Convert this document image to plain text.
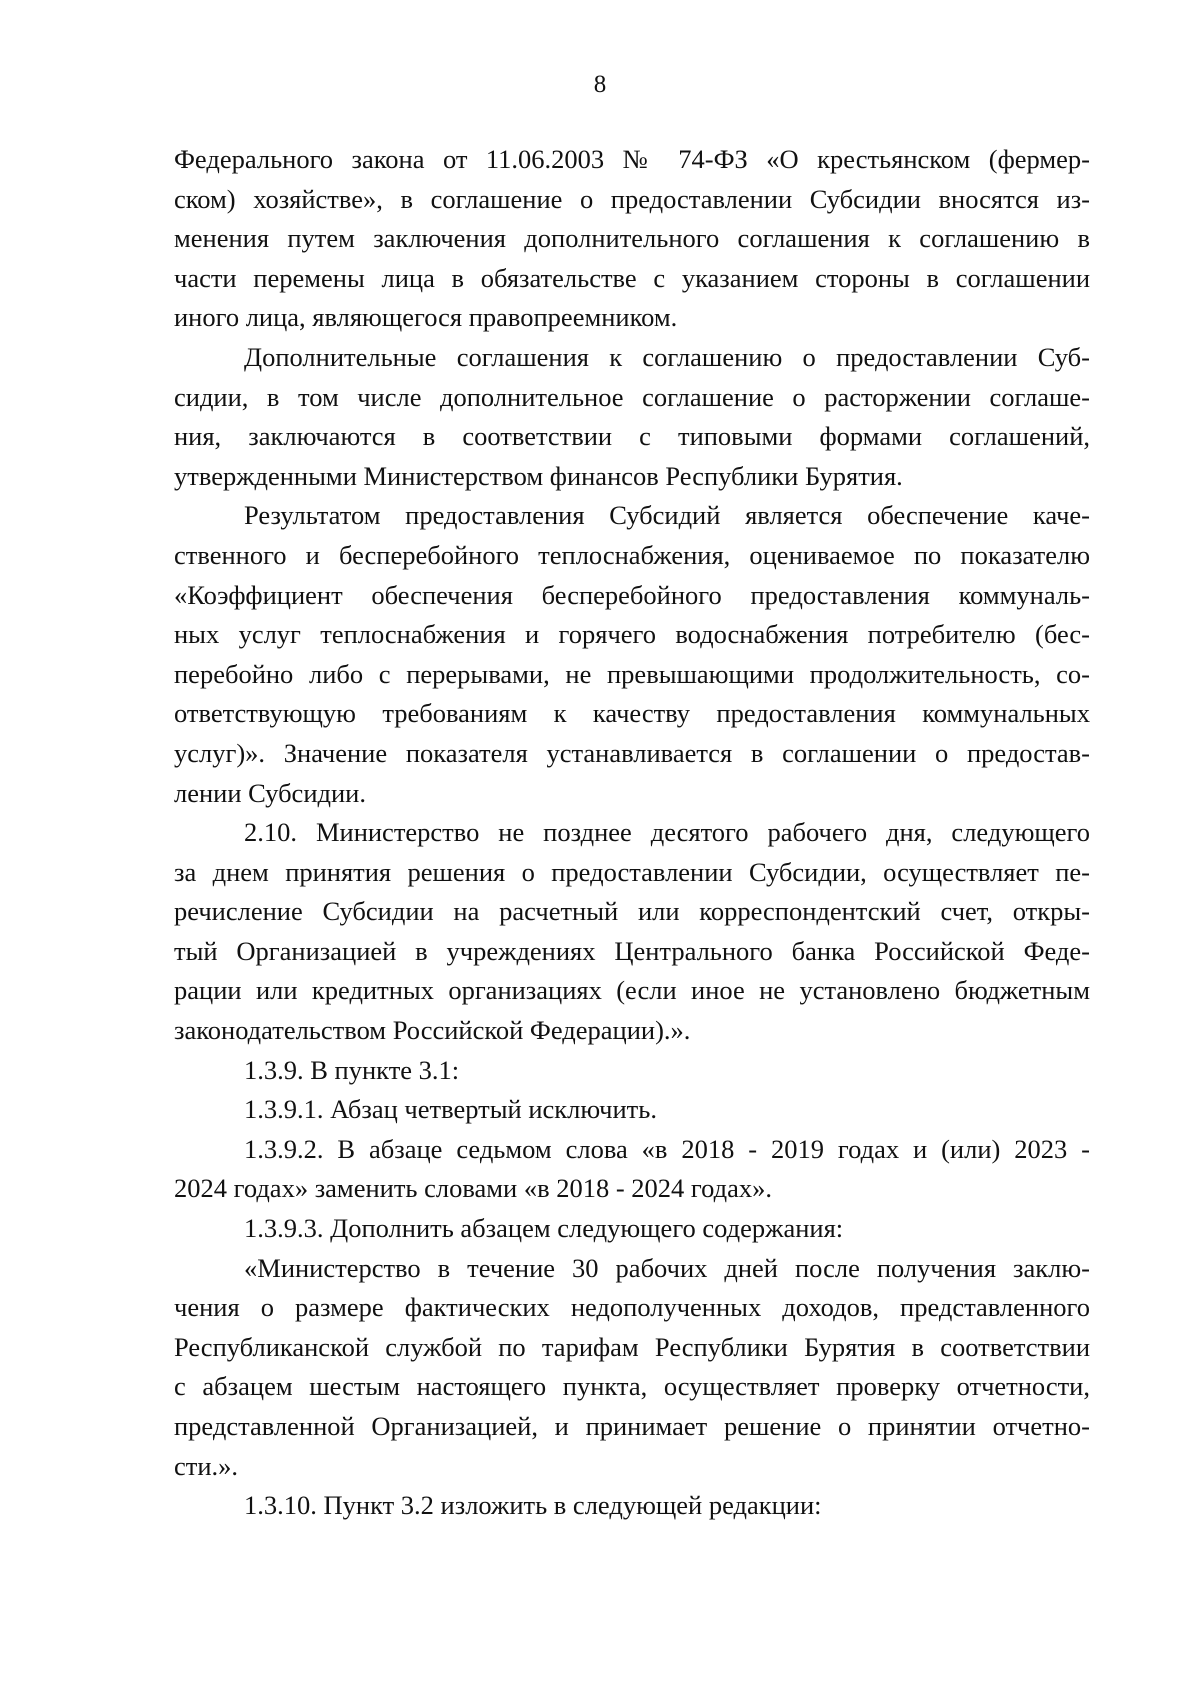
8
Федерального закона от 11.06.2003 № 74-ФЗ «О крестьянском (фермер-
ском) хозяйстве», в соглашение о предоставлении Субсидии вносятся из-
менения путем заключения дополнительного соглашения к соглашению в
части перемены лица в обязательстве с указанием стороны в соглашении
иного лица, являющегося правопреемником.
Дополнительные соглашения к соглашению о предоставлении Суб-
сидии, в том числе дополнительное соглашение о расторжении соглаше-
ния, заключаются в соответствии с типовыми формами соглашений,
утвержденными Министерством финансов Республики Бурятия.
Результатом предоставления Субсидий является обеспечение каче-
ственного и бесперебойного теплоснабжения, оцениваемое по показателю
«Коэффициент обеспечения бесперебойного предоставления коммуналь-
ных услуг теплоснабжения и горячего водоснабжения потребителю (бес-
перебойно либо с перерывами, не превышающими продолжительность, со-
ответствующую требованиям к качеству предоставления коммунальных
услуг)». Значение показателя устанавливается в соглашении о предостав-
лении Субсидии.
2.10. Министерство не позднее десятого рабочего дня, следующего
за днем принятия решения о предоставлении Субсидии, осуществляет пе-
речисление Субсидии на расчетный или корреспондентский счет, откры-
тый Организацией в учреждениях Центрального банка Российской Феде-
рации или кредитных организациях (если иное не установлено бюджетным
законодательством Российской Федерации).».
1.3.9. В пункте 3.1:
1.3.9.1. Абзац четвертый исключить.
1.3.9.2. В абзаце седьмом слова «в 2018 - 2019 годах и (или) 2023 -
2024 годах» заменить словами «в 2018 - 2024 годах».
1.3.9.3. Дополнить абзацем следующего содержания:
«Министерство в течение 30 рабочих дней после получения заклю-
чения о размере фактических недополученных доходов, представленного
Республиканской службой по тарифам Республики Бурятия в соответствии
с абзацем шестым настоящего пункта, осуществляет проверку отчетности,
представленной Организацией, и принимает решение о принятии отчетно-
сти.».
1.3.10. Пункт 3.2 изложить в следующей редакции:
